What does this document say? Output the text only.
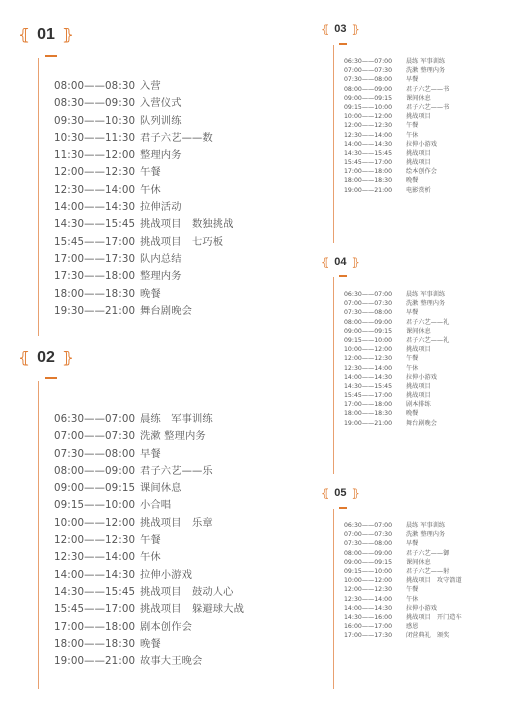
⦃ 01 ⦄
08:00——08:30 入营
08:30——09:30 入营仪式
09:30——10:30 队列训练
10:30——11:30 君子六艺——数
11:30——12:00 整理内务
12:00——12:30 午餐
12:30——14:00 午休
14:00——14:30 拉伸活动
14:30——15:45 挑战项目　数独挑战
15:45——17:00 挑战项目　七巧板
17:00——17:30 队内总结
17:30——18:00 整理内务
18:00——18:30 晚餐
19:30——21:00 舞台剧晚会
⦃ 02 ⦄
06:30——07:00 晨练　军事训练
07:00——07:30 洗漱 整理内务
07:30——08:00 早餐
08:00——09:00 君子六艺——乐
09:00——09:15 课间休息
09:15——10:00 小合唱
10:00——12:00 挑战项目　乐章
12:00——12:30 午餐
12:30——14:00 午休
14:00——14:30 拉伸小游戏
14:30——15:45 挑战项目　鼓动人心
15:45——17:00 挑战项目　躲避球大战
17:00——18:00 剧本创作会
18:00——18:30 晚餐
19:00——21:00 故事大王晚会
⦃ 03 ⦄
06:30——07:00 晨练 军事训练
07:00——07:30 洗漱 整理内务
07:30——08:00 早餐
08:00——09:00 君子六艺——书
09:00——09:15 课间休息
09:15——10:00 君子六艺——书
10:00——12:00 挑战项目
12:00——12:30 午餐
12:30——14:00 午休
14:00——14:30 拉伸小游戏
14:30——15:45 挑战项目
15:45——17:00 挑战项目
17:00——18:00 绘本创作会
18:00——18:30 晚餐
19:00——21:00 电影赏析
⦃ 04 ⦄
06:30——07:00 晨练 军事训练
07:00——07:30 洗漱 整理内务
07:30——08:00 早餐
08:00——09:00 君子六艺——礼
09:00——09:15 课间休息
09:15——10:00 君子六艺——礼
10:00——12:00 挑战项目
12:00——12:30 午餐
12:30——14:00 午休
14:00——14:30 拉伸小游戏
14:30——15:45 挑战项目
15:45——17:00 挑战项目
17:00——18:00 剧本排练
18:00——18:30 晚餐
19:00——21:00 舞台剧晚会
⦃ 05 ⦄
06:30——07:00 晨练 军事训练
07:00——07:30 洗漱 整理内务
07:30——08:00 早餐
08:00——09:00 君子六艺——御
09:00——09:15 课间休息
09:15——10:00 君子六艺——射
10:00——12:00 挑战项目　攻守箭道
12:00——12:30 午餐
12:30——14:00 午休
14:00——14:30 拉伸小游戏
14:30——16:00 挑战项目　开门造车
16:00——17:00 感恩
17:00——17:30 闭营典礼　颁奖
